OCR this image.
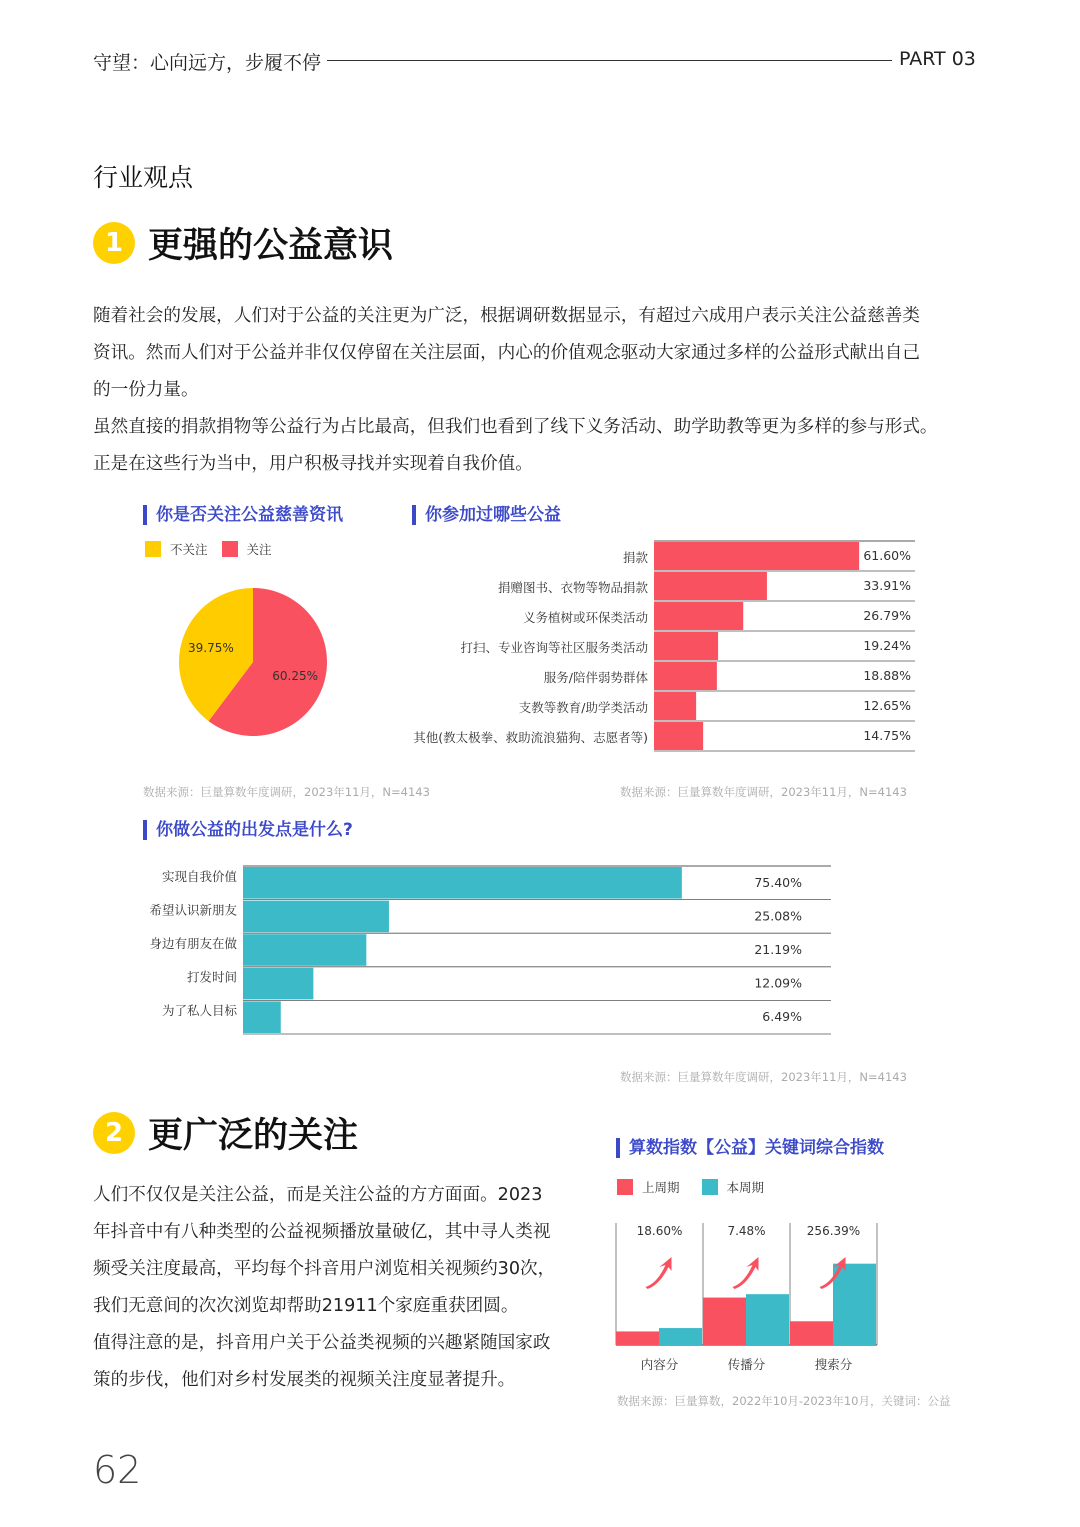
守望：心向远方，步履不停	PART 03
行业观点
1 更强的公益意识
随着社会的发展，人们对于公益的关注更为广泛，根据调研数据显示，有超过六成用户表示关注公益慈善类
资讯。然而人们对于公益并非仅仅停留在关注层面，内心的价值观念驱动大家通过多样的公益形式献出自己
的一份力量。
虽然直接的捐款捐物等公益行为占比最高，但我们也看到了线下义务活动、助学助教等更为多样的参与形式。
正是在这些行为当中，用户积极寻找并实现着自我价值。
你是否关注公益慈善资讯
不关注	关注
60.25%
39.75%
数据来源：巨量算数年度调研，2023年11月，N=4143
你参加过哪些公益
捐款	61.60%
捐赠图书、衣物等物品捐款	33.91%
义务植树或环保类活动	26.79%
打扫、专业咨询等社区服务类活动	19.24%
服务/陪伴弱势群体	18.88%
支教等教育/助学类活动	12.65%
其他(教太极拳、救助流浪猫狗、志愿者等)	14.75%
数据来源：巨量算数年度调研，2023年11月，N=4143
你做公益的出发点是什么?
实现自我价值	75.40%
希望认识新朋友	25.08%
身边有朋友在做	21.19%
打发时间	12.09%
为了私人目标	6.49%
数据来源：巨量算数年度调研，2023年11月，N=4143
2 更广泛的关注
人们不仅仅是关注公益，而是关注公益的方方面面。2023
年抖音中有八种类型的公益视频播放量破亿，其中寻人类视
频受关注度最高，平均每个抖音用户浏览相关视频约30次，
我们无意间的次次浏览却帮助21911个家庭重获团圆。
值得注意的是，抖音用户关于公益类视频的兴趣紧随国家政
策的步伐，他们对乡村发展类的视频关注度显著提升。
算数指数【公益】关键词综合指数
上周期	本周期
18.60%
内容分
7.48%
传播分
256.39%
搜索分
数据来源：巨量算数，2022年10月-2023年10月，关键词：公益
62
